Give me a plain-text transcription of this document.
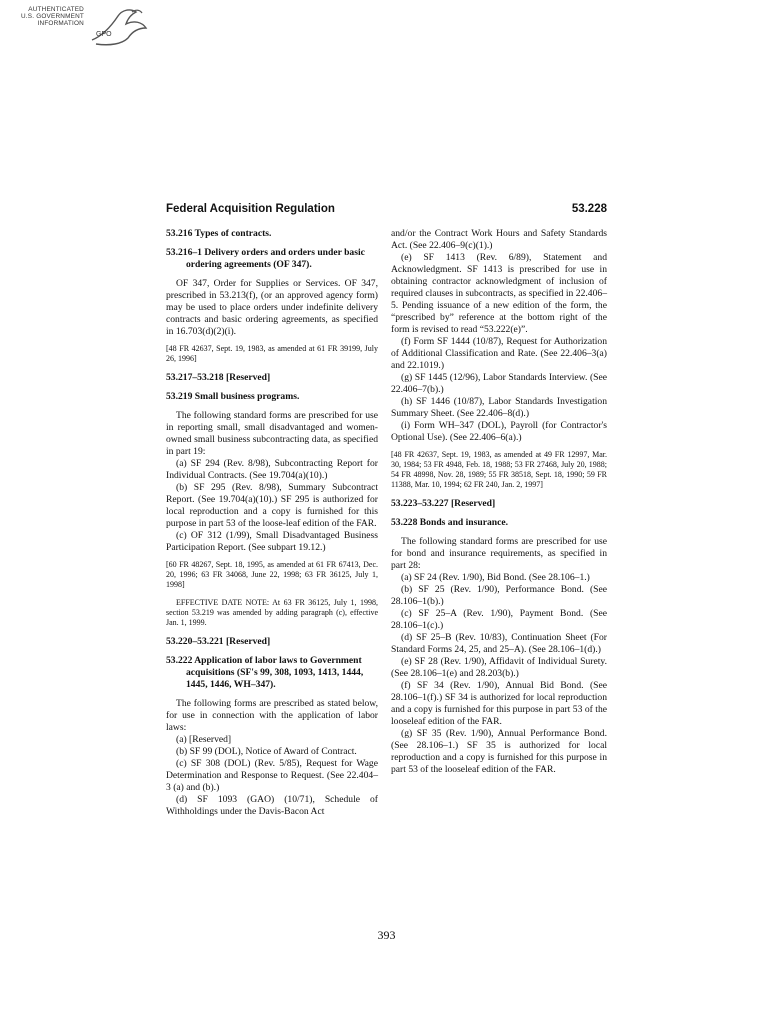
AUTHENTICATED
U.S. GOVERNMENT
INFORMATION
GPO
Federal Acquisition Regulation	53.228
53.216 Types of contracts.
53.216–1 Delivery orders and orders under basic ordering agreements (OF 347).

OF 347, Order for Supplies or Services. OF 347, prescribed in 53.213(f), (or an approved agency form) may be used to place orders under indefinite delivery contracts and basic ordering agreements, as specified in 16.703(d)(2)(i).

[48 FR 42637, Sept. 19, 1983, as amended at 61 FR 39199, July 26, 1996]
53.217–53.218 [Reserved]
53.219 Small business programs.

The following standard forms are prescribed for use in reporting small, small disadvantaged and women-owned small business subcontracting data, as specified in part 19:

(a) SF 294 (Rev. 8/98), Subcontracting Report for Individual Contracts. (See 19.704(a)(10).)

(b) SF 295 (Rev. 8/98), Summary Subcontract Report. (See 19.704(a)(10).) SF 295 is authorized for local reproduction and a copy is furnished for this purpose in part 53 of the loose-leaf edition of the FAR.

(c) OF 312 (1/99), Small Disadvantaged Business Participation Report. (See subpart 19.12.)

[60 FR 48267, Sept. 18, 1995, as amended at 61 FR 67413, Dec. 20, 1996; 63 FR 34068, June 22, 1998; 63 FR 36125, July 1, 1998]
EFFECTIVE DATE NOTE: At 63 FR 36125, July 1, 1998, section 53.219 was amended by adding paragraph (c), effective Jan. 1, 1999.
53.220–53.221 [Reserved]
53.222 Application of labor laws to Government acquisitions (SF's 99, 308, 1093, 1413, 1444, 1445, 1446, WH–347).

The following forms are prescribed as stated below, for use in connection with the application of labor laws:

(a) [Reserved]

(b) SF 99 (DOL), Notice of Award of Contract.

(c) SF 308 (DOL) (Rev. 5/85), Request for Wage Determination and Response to Request. (See 22.404–3 (a) and (b).)

(d) SF 1093 (GAO) (10/71), Schedule of Withholdings under the Davis-Bacon Act

and/or the Contract Work Hours and Safety Standards Act. (See 22.406–9(c)(1).)

(e) SF 1413 (Rev. 6/89), Statement and Acknowledgment. SF 1413 is prescribed for use in obtaining contractor acknowledgment of inclusion of required clauses in subcontracts, as specified in 22.406–5. Pending issuance of a new edition of the form, the “prescribed by” reference at the bottom right of the form is revised to read “53.222(e)”.

(f) Form SF 1444 (10/87), Request for Authorization of Additional Classification and Rate. (See 22.406–3(a) and 22.1019.)

(g) SF 1445 (12/96), Labor Standards Interview. (See 22.406–7(b).)

(h) SF 1446 (10/87), Labor Standards Investigation Summary Sheet. (See 22.406–8(d).)

(i) Form WH–347 (DOL), Payroll (for Contractor's Optional Use). (See 22.406–6(a).)

[48 FR 42637, Sept. 19, 1983, as amended at 49 FR 12997, Mar. 30, 1984; 53 FR 4948, Feb. 18, 1988; 53 FR 27468, July 20, 1988; 54 FR 48998, Nov. 28, 1989; 55 FR 38518, Sept. 18, 1990; 59 FR 11388, Mar. 10, 1994; 62 FR 240, Jan. 2, 1997]
53.223–53.227 [Reserved]
53.228 Bonds and insurance.

The following standard forms are prescribed for use for bond and insurance requirements, as specified in part 28:

(a) SF 24 (Rev. 1/90), Bid Bond. (See 28.106–1.)

(b) SF 25 (Rev. 1/90), Performance Bond. (See 28.106–1(b).)

(c) SF 25–A (Rev. 1/90), Payment Bond. (See 28.106–1(c).)

(d) SF 25–B (Rev. 10/83), Continuation Sheet (For Standard Forms 24, 25, and 25–A). (See 28.106–1(d).)

(e) SF 28 (Rev. 1/90), Affidavit of Individual Surety. (See 28.106–1(e) and 28.203(b).)

(f) SF 34 (Rev. 1/90), Annual Bid Bond. (See 28.106–1(f).) SF 34 is authorized for local reproduction and a copy is furnished for this purpose in part 53 of the looseleaf edition of the FAR.

(g) SF 35 (Rev. 1/90), Annual Performance Bond. (See 28.106–1.) SF 35 is authorized for local reproduction and a copy is furnished for this purpose in part 53 of the looseleaf edition of the FAR.

393
